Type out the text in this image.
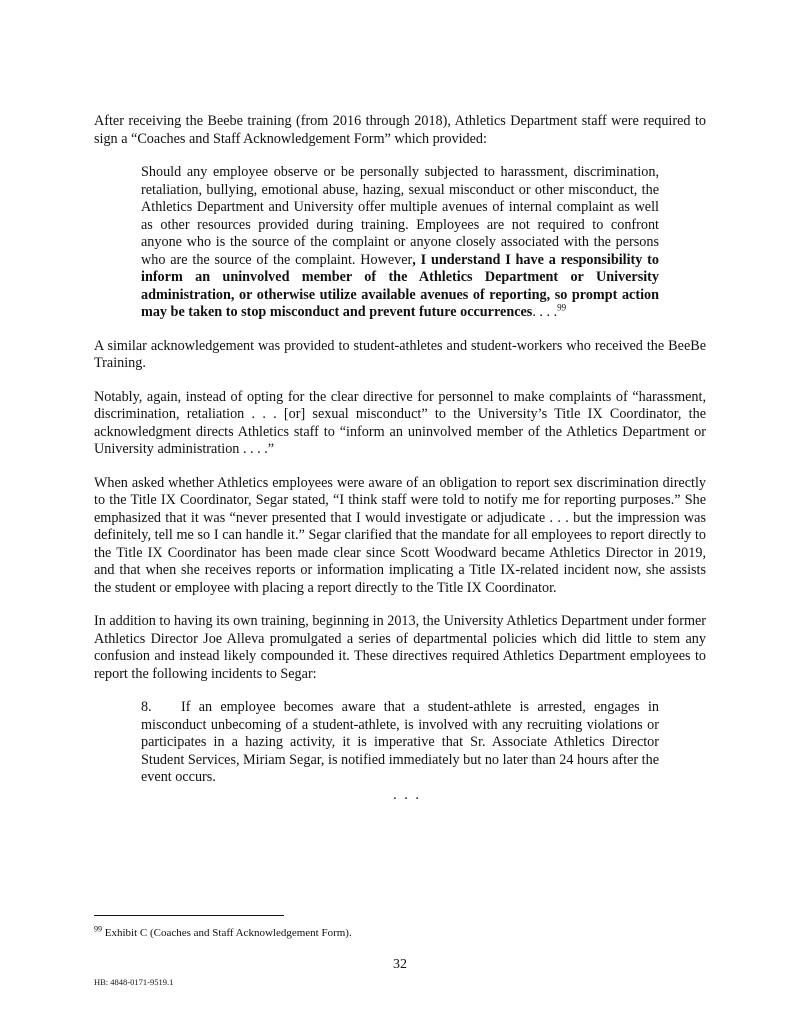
After receiving the Beebe training (from 2016 through 2018), Athletics Department staff were required to sign a “Coaches and Staff Acknowledgement Form” which provided:

Should any employee observe or be personally subjected to harassment, discrimination, retaliation, bullying, emotional abuse, hazing, sexual misconduct or other misconduct, the Athletics Department and University offer multiple avenues of internal complaint as well as other resources provided during training. Employees are not required to confront anyone who is the source of the complaint or anyone closely associated with the persons who are the source of the complaint. However, I understand I have a responsibility to inform an uninvolved member of the Athletics Department or University administration, or otherwise utilize available avenues of reporting, so prompt action may be taken to stop misconduct and prevent future occurrences. . . .$^{99}$

A similar acknowledgement was provided to student-athletes and student-workers who received the BeeBe Training.

Notably, again, instead of opting for the clear directive for personnel to make complaints of “harassment, discrimination, retaliation . . . [or] sexual misconduct” to the University’s Title IX Coordinator, the acknowledgment directs Athletics staff to “inform an uninvolved member of the Athletics Department or University administration . . . .”

When asked whether Athletics employees were aware of an obligation to report sex discrimination directly to the Title IX Coordinator, Segar stated, “I think staff were told to notify me for reporting purposes.” She emphasized that it was “never presented that I would investigate or adjudicate . . . but the impression was definitely, tell me so I can handle it.” Segar clarified that the mandate for all employees to report directly to the Title IX Coordinator has been made clear since Scott Woodward became Athletics Director in 2019, and that when she receives reports or information implicating a Title IX-related incident now, she assists the student or employee with placing a report directly to the Title IX Coordinator.

In addition to having its own training, beginning in 2013, the University Athletics Department under former Athletics Director Joe Alleva promulgated a series of departmental policies which did little to stem any confusion and instead likely compounded it. These directives required Athletics Department employees to report the following incidents to Segar:

8. If an employee becomes aware that a student-athlete is arrested, engages in misconduct unbecoming of a student-athlete, is involved with any recruiting violations or participates in a hazing activity, it is imperative that Sr. Associate Athletics Director Student Services, Miriam Segar, is notified immediately but no later than 24 hours after the event occurs.
. . .
$^{99}$ Exhibit C (Coaches and Staff Acknowledgement Form).
32
HB: 4848-0171-9519.1
